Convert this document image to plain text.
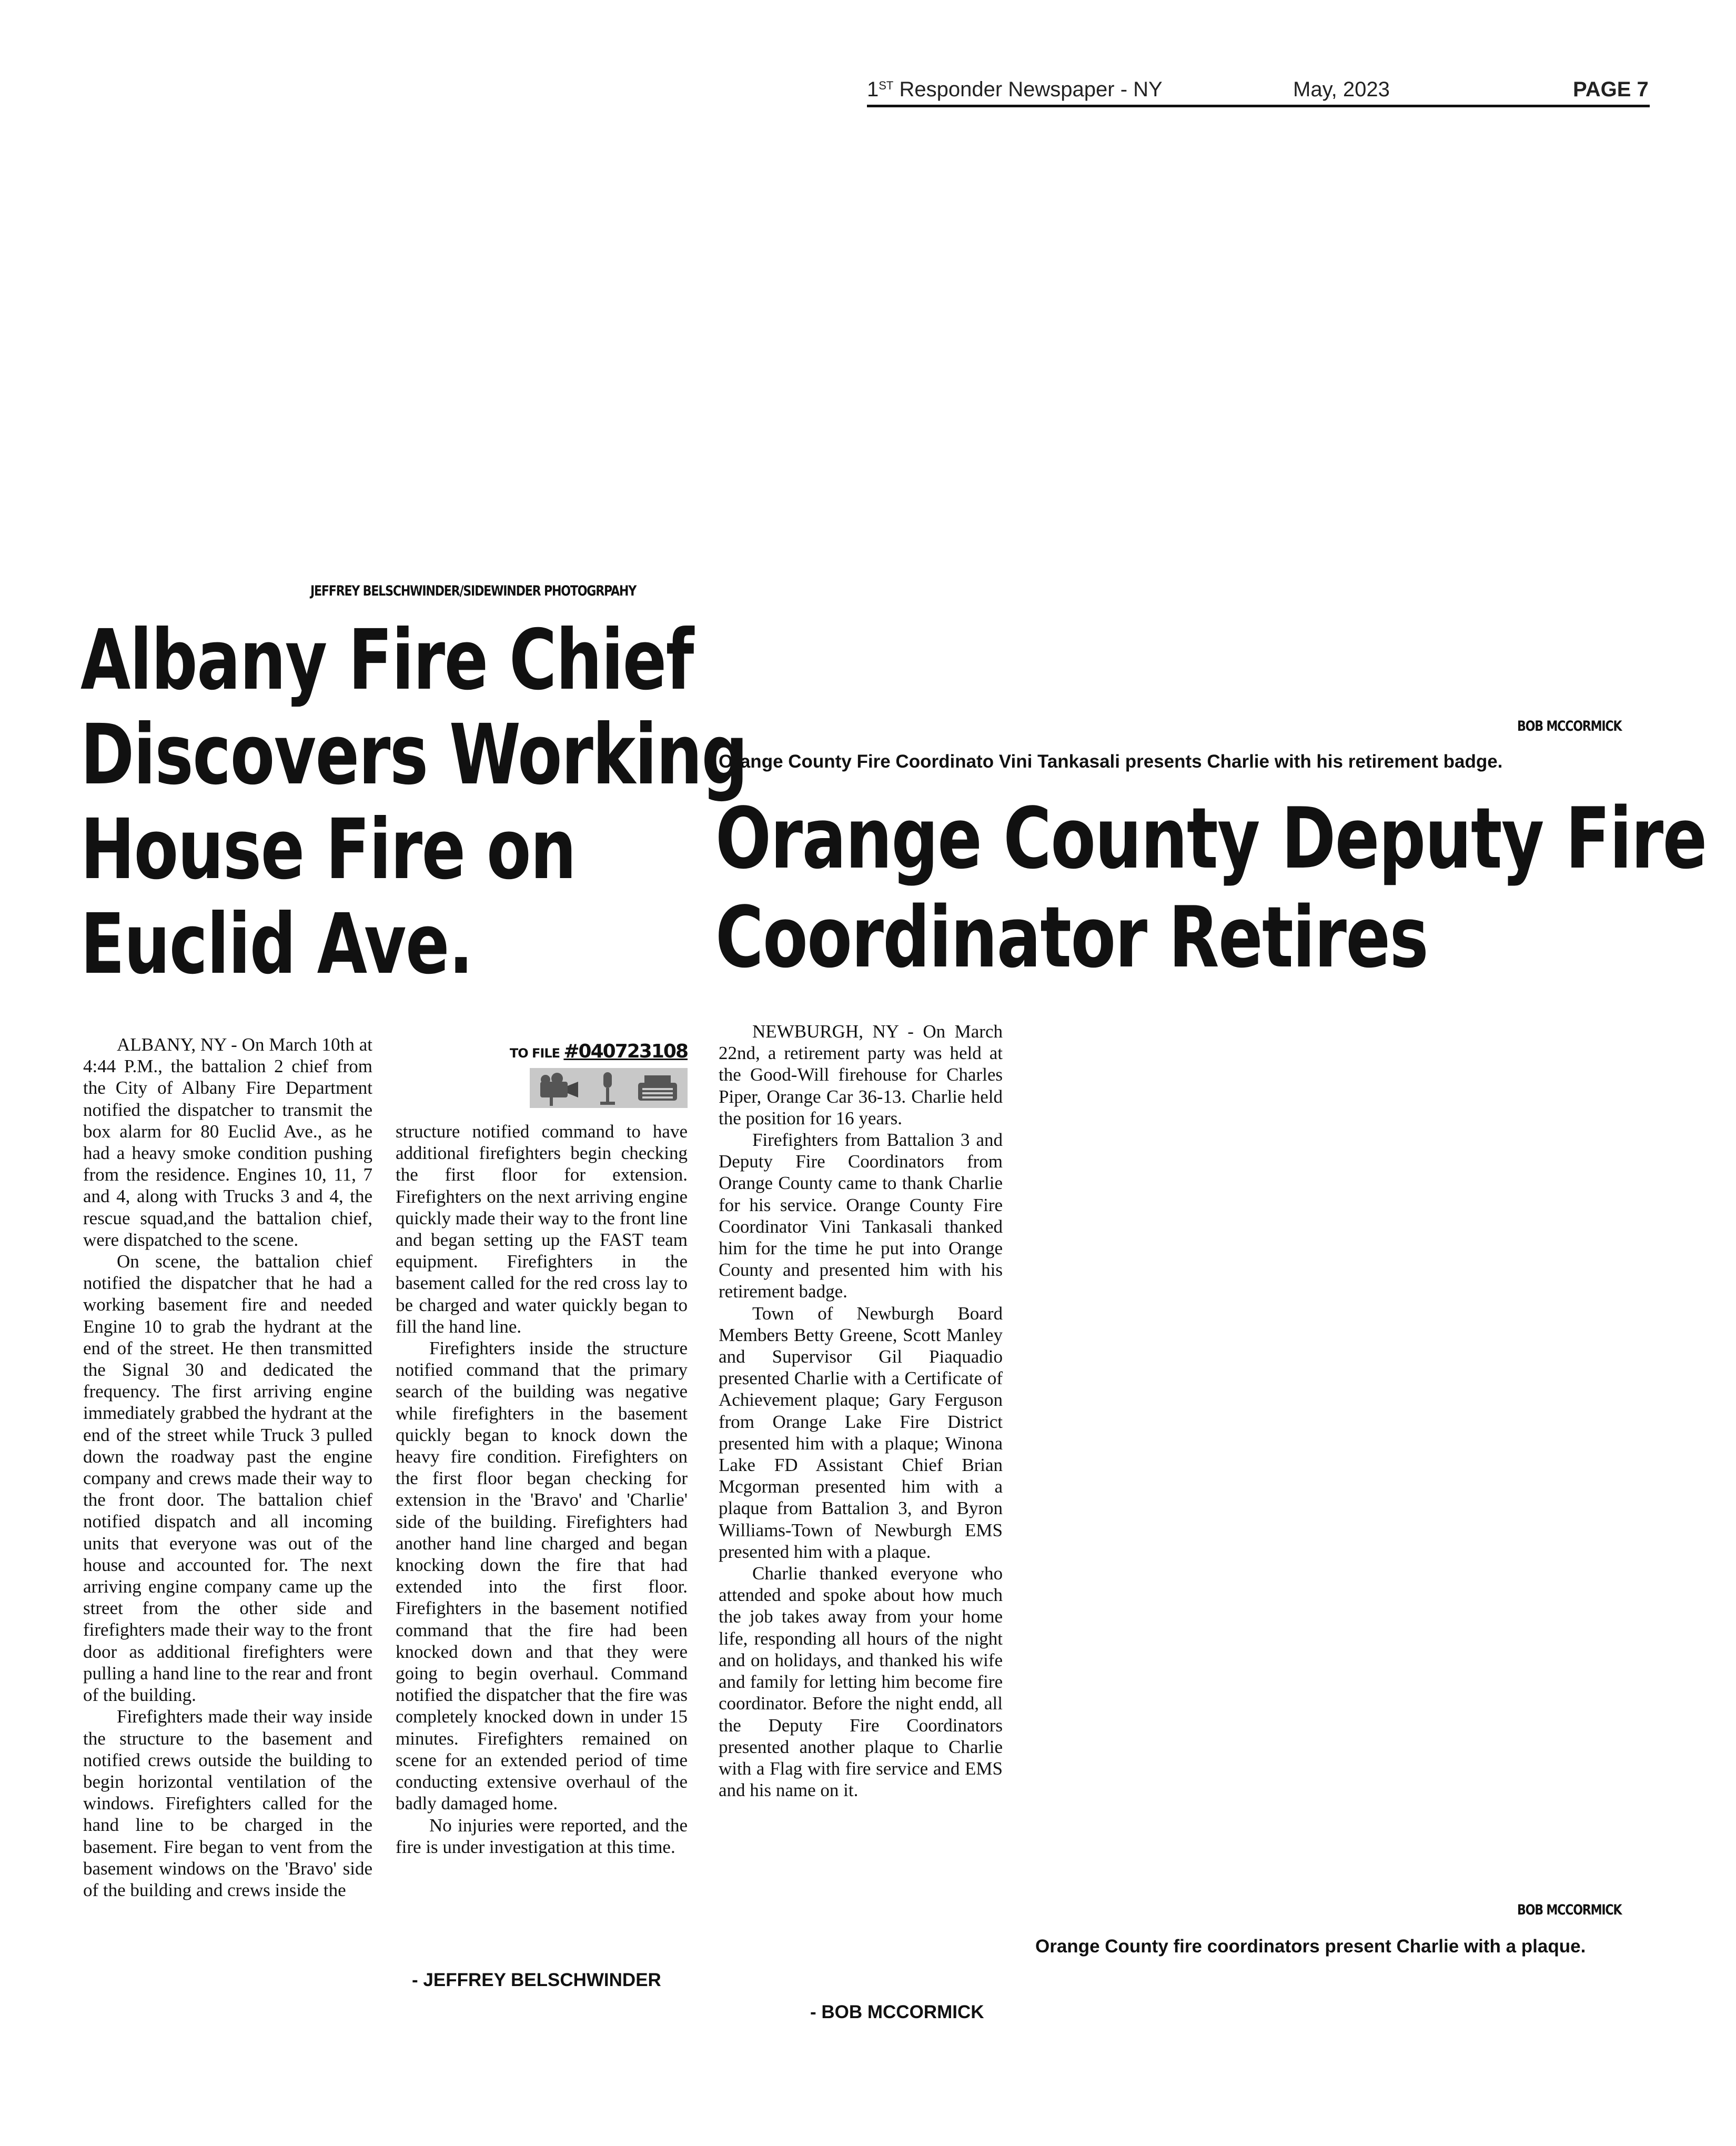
1ST Responder Newspaper - NY	May, 2023	PAGE 7
JEFFREY BELSCHWINDER/SIDEWINDER PHOTOGRPAHY
Albany Fire Chief
Discovers Working
House Fire on
Euclid Ave.

ALBANY, NY - On March 10th at 4:44 P.M., the battalion 2 chief from the City of Albany Fire Department notified the dispatcher to transmit the box alarm for 80 Euclid Ave., as he had a heavy smoke condition pushing from the residence. Engines 10, 11, 7 and 4, along with Trucks 3 and 4, the rescue squad,and the battalion chief, were dispatched to the scene.

On scene, the battalion chief notified the dispatcher that he had a working basement fire and needed Engine 10 to grab the hydrant at the end of the street. He then transmitted the Signal 30 and dedicated the frequency. The first arriving engine immediately grabbed the hydrant at the end of the street while Truck 3 pulled down the roadway past the engine company and crews made their way to the front door. The battalion chief notified dispatch and all incoming units that everyone was out of the house and accounted for. The next arriving engine company came up the street from the other side and firefighters made their way to the front door as additional firefighters were pulling a hand line to the rear and front of the building.

Firefighters made their way inside the structure to the basement and notified crews outside the building to begin horizontal ventilation of the windows. Firefighters called for the hand line to be charged in the basement. Fire began to vent from the basement windows on the 'Bravo' side of the building and crews inside the

TO FILE #040723108

structure notified command to have additional firefighters begin checking the first floor for extension. Firefighters on the next arriving engine quickly made their way to the front line and began setting up the FAST team equipment. Firefighters in the basement called for the red cross lay to be charged and water quickly began to fill the hand line.

Firefighters inside the structure notified command that the primary search of the building was negative while firefighters in the basement quickly began to knock down the heavy fire condition. Firefighters on the first floor began checking for extension in the 'Bravo' and 'Charlie' side of the building. Firefighters had another hand line charged and began knocking down the fire that had extended into the first floor. Firefighters in the basement notified command that the fire had been knocked down and that they were going to begin overhaul. Command notified the dispatcher that the fire was completely knocked down in under 15 minutes. Firefighters remained on scene for an extended period of time conducting extensive overhaul of the badly damaged home.

No injuries were reported, and the fire is under investigation at this time.

- JEFFREY BELSCHWINDER
BOB MCCORMICK
Orange County Fire Coordinato Vini Tankasali presents Charlie with his retirement badge.
Orange County Deputy Fire
Coordinator Retires

NEWBURGH, NY - On March 22nd, a retirement party was held at the Good-Will firehouse for Charles Piper, Orange Car 36-13. Charlie held the position for 16 years.

Firefighters from Battalion 3 and Deputy Fire Coordinators from Orange County came to thank Charlie for his service. Orange County Fire Coordinator Vini Tankasali thanked him for the time he put into Orange County and presented him with his retirement badge.

Town of Newburgh Board Members Betty Greene, Scott Manley and Supervisor Gil Piaquadio presented Charlie with a Certificate of Achievement plaque; Gary Ferguson from Orange Lake Fire District presented him with a plaque; Winona Lake FD Assistant Chief Brian Mcgorman presented him with a plaque from Battalion 3, and Byron Williams-Town of Newburgh EMS presented him with a plaque.

Charlie thanked everyone who attended and spoke about how much the job takes away from your home life, responding all hours of the night and on holidays, and thanked his wife and family for letting him become fire coordinator. Before the night endd, all the Deputy Fire Coordinators presented another plaque to Charlie with a Flag with fire service and EMS and his name on it.

- BOB MCCORMICK
BOB MCCORMICK
Orange County fire coordinators present Charlie with a plaque.
